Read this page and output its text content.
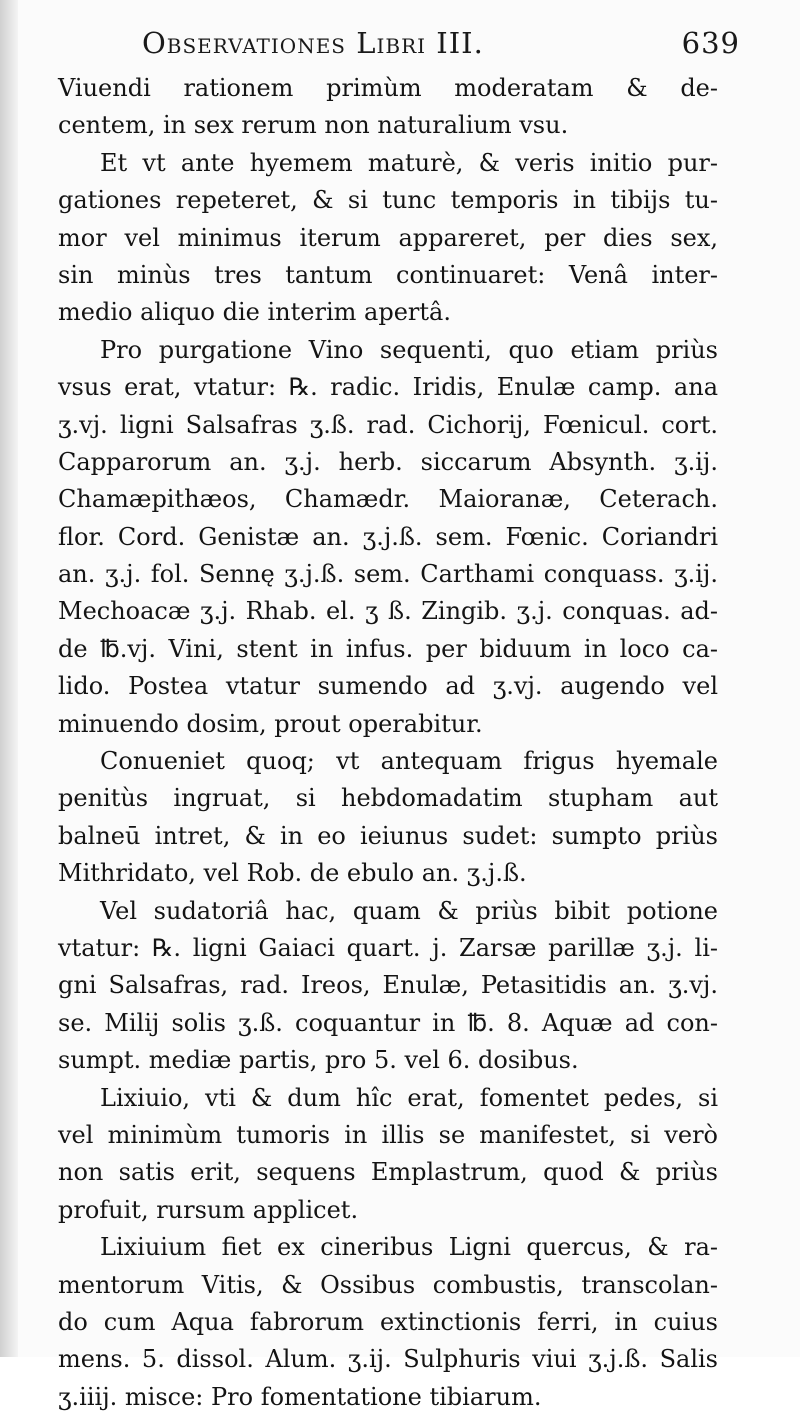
Observationes Libri III.	639
Viuendi rationem primùm moderatam & de-
centem, in sex rerum non naturalium vsu.
Et vt ante hyemem maturè, & veris initio pur-
gationes repeteret, & si tunc temporis in tibijs tu-
mor vel minimus iterum appareret, per dies sex,
sin minùs tres tantum continuaret: Venâ inter-
medio aliquo die interim apertâ.
Pro purgatione Vino sequenti, quo etiam priùs
vsus erat, vtatur: ℞. radic. Iridis, Enulæ camp. ana
ʒ.vj. ligni Salsafras ʒ.ß. rad. Cichorij, Fœnicul. cort.
Capparorum an. ʒ.j. herb. siccarum Absynth. ʒ.ij.
Chamæpithæos, Chamædr. Maioranæ, Ceterach.
flor. Cord. Genistæ an. ʒ.j.ß. sem. Fœnic. Coriandri
an. ʒ.j. fol. Sennę ʒ.j.ß. sem. Carthami conquass. ʒ.ij.
Mechoacæ ʒ.j. Rhab. el. ʒ ß. Zingib. ʒ.j. conquas. ad-
de ℔.vj. Vini, stent in infus. per biduum in loco ca-
lido. Postea vtatur sumendo ad ʒ.vj. augendo vel
minuendo dosim, prout operabitur.
Conueniet quoq; vt antequam frigus hyemale
penitùs ingruat, si hebdomadatim stupham aut
balneū intret, & in eo ieiunus sudet: sumpto priùs
Mithridato, vel Rob. de ebulo an. ʒ.j.ß.
Vel sudatoriâ hac, quam & priùs bibit potione
vtatur: ℞. ligni Gaiaci quart. j. Zarsæ parillæ ʒ.j. li-
gni Salsafras, rad. Ireos, Enulæ, Petasitidis an. ʒ.vj.
se. Milij solis ʒ.ß. coquantur in ℔. 8. Aquæ ad con-
sumpt. mediæ partis, pro 5. vel 6. dosibus.
Lixiuio, vti & dum hîc erat, fomentet pedes, si
vel minimùm tumoris in illis se manifestet, si verò
non satis erit, sequens Emplastrum, quod & priùs
profuit, rursum applicet.
Lixiuium fiet ex cineribus Ligni quercus, & ra-
mentorum Vitis, & Ossibus combustis, transcolan-
do cum Aqua fabrorum extinctionis ferri, in cuius
mens. 5. dissol. Alum. ʒ.ij. Sulphuris viui ʒ.j.ß. Salis
ʒ.iiij. misce: Pro fomentatione tibiarum.
